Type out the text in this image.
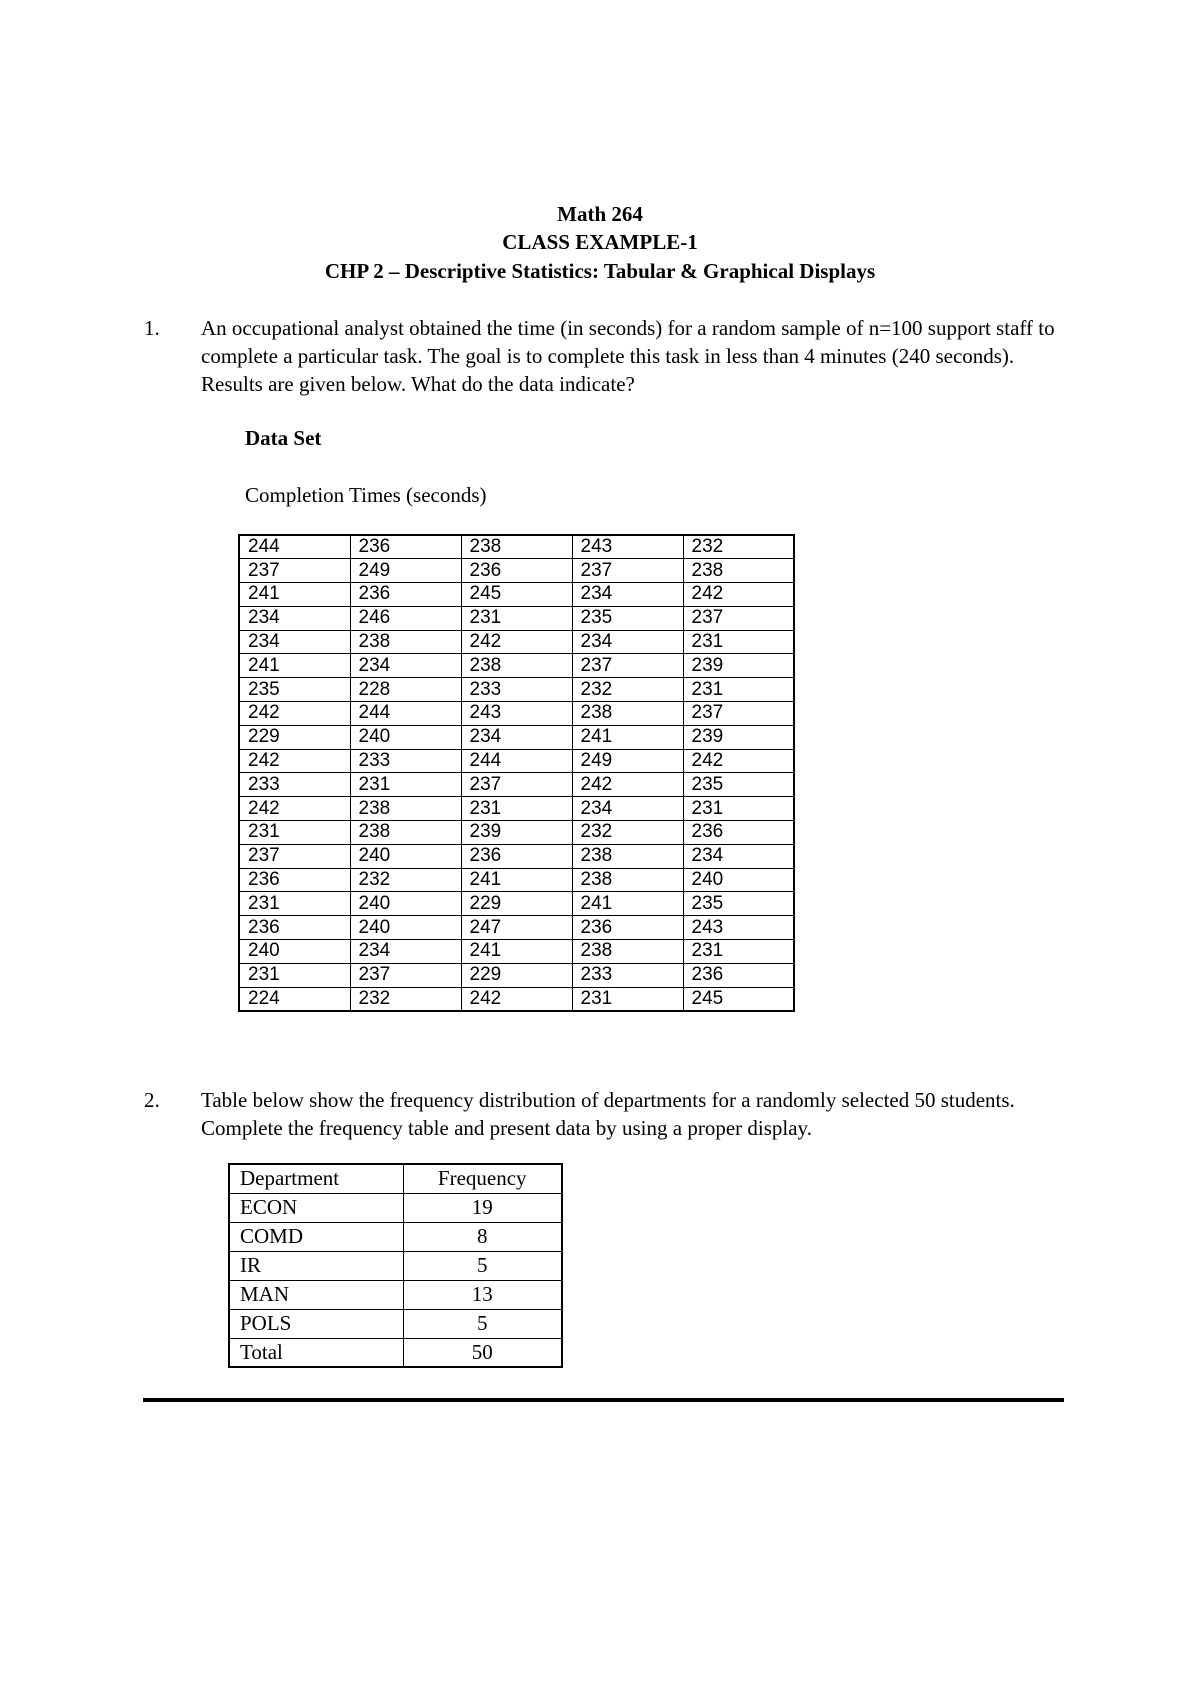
Math 264
CLASS EXAMPLE-1
CHP 2 – Descriptive Statistics: Tabular & Graphical Displays
1. An occupational analyst obtained the time (in seconds) for a random sample of n=100 support staff to complete a particular task. The goal is to complete this task in less than 4 minutes (240 seconds). Results are given below. What do the data indicate?
Data Set
Completion Times (seconds)
244	236	238	243	232
237	249	236	237	238
241	236	245	234	242
234	246	231	235	237
234	238	242	234	231
241	234	238	237	239
235	228	233	232	231
242	244	243	238	237
229	240	234	241	239
242	233	244	249	242
233	231	237	242	235
242	238	231	234	231
231	238	239	232	236
237	240	236	238	234
236	232	241	238	240
231	240	229	241	235
236	240	247	236	243
240	234	241	238	231
231	237	229	233	236
224	232	242	231	245
2. Table below show the frequency distribution of departments for a randomly selected 50 students. Complete the frequency table and present data by using a proper display.
Department	Frequency
ECON	19
COMD	8
IR	5
MAN	13
POLS	5
Total	50
